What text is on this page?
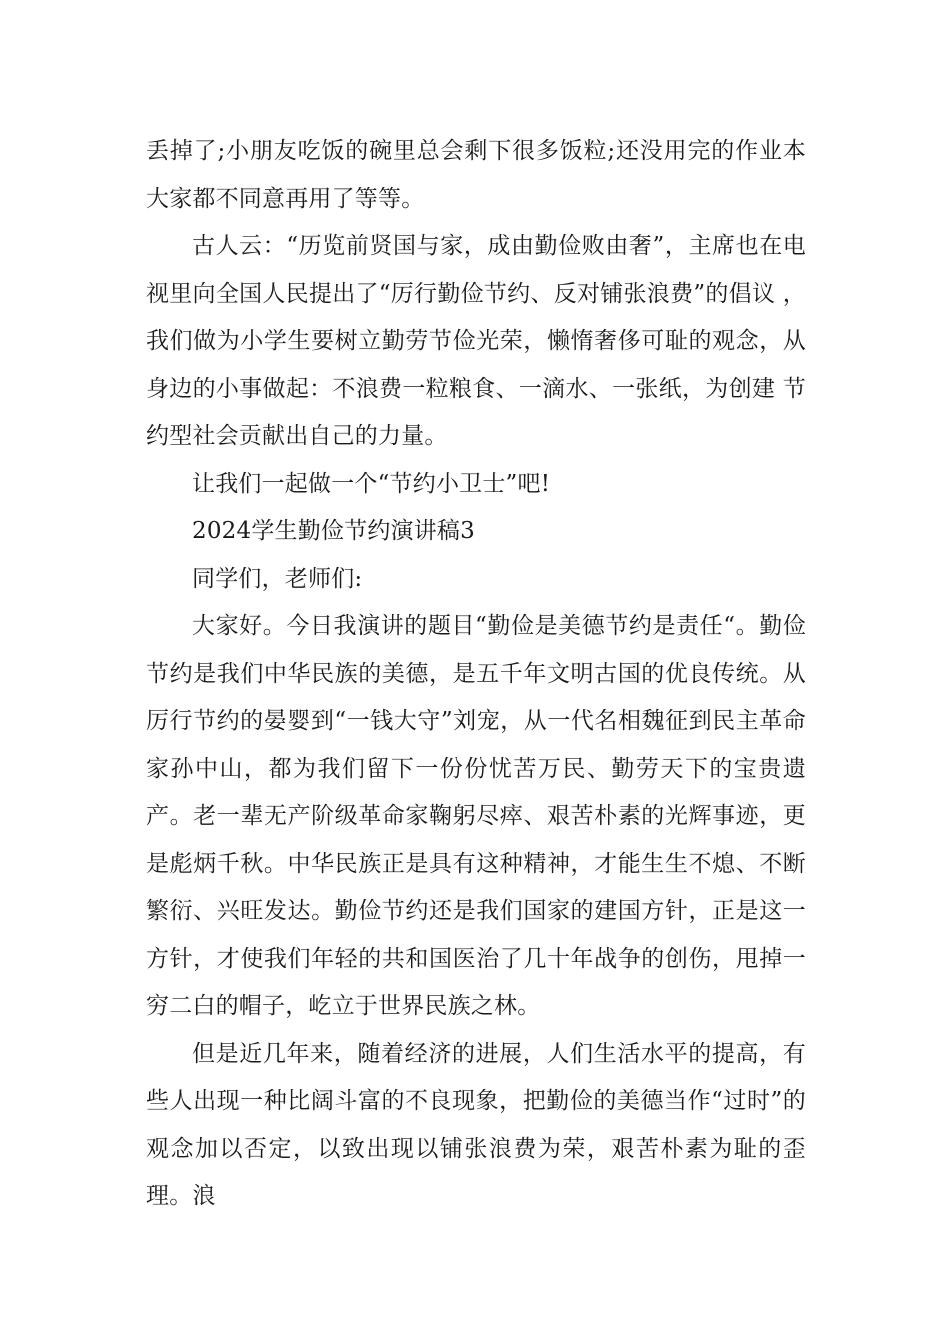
丢掉了;小朋友吃饭的碗里总会剩下很多饭粒;还没用完的作业本大家都不同意再用了等等。

古人云：“历览前贤国与家，成由勤俭败由奢”，主席也在电视里向全国人民提出了“厉行勤俭节约、反对铺张浪费”的倡议 ，我们做为小学生要树立勤劳节俭光荣，懒惰奢侈可耻的观念，从身边的小事做起：不浪费一粒粮食、一滴水、一张纸，为创建 节约型社会贡献出自己的力量。

让我们一起做一个“节约小卫士”吧!

2024学生勤俭节约演讲稿3

同学们，老师们:

大家好。今日我演讲的题目“勤俭是美德节约是责任“。勤俭节约是我们中华民族的美德，是五千年文明古国的优良传统。从厉行节约的晏婴到“一钱大守”刘宠，从一代名相魏征到民主革命家孙中山，都为我们留下一份份忧苦万民、勤劳天下的宝贵遗产。老一辈无产阶级革命家鞠躬尽瘁、艰苦朴素的光辉事迹，更是彪炳千秋。中华民族正是具有这种精神，才能生生不熄、不断繁衍、兴旺发达。勤俭节约还是我们国家的建国方针，正是这一方针，才使我们年轻的共和国医治了几十年战争的创伤，甩掉一穷二白的帽子，屹立于世界民族之林。

但是近几年来，随着经济的进展，人们生活水平的提高，有些人出现一种比阔斗富的不良现象，把勤俭的美德当作“过时”的观念加以否定，以致出现以铺张浪费为荣，艰苦朴素为耻的歪理。浪
